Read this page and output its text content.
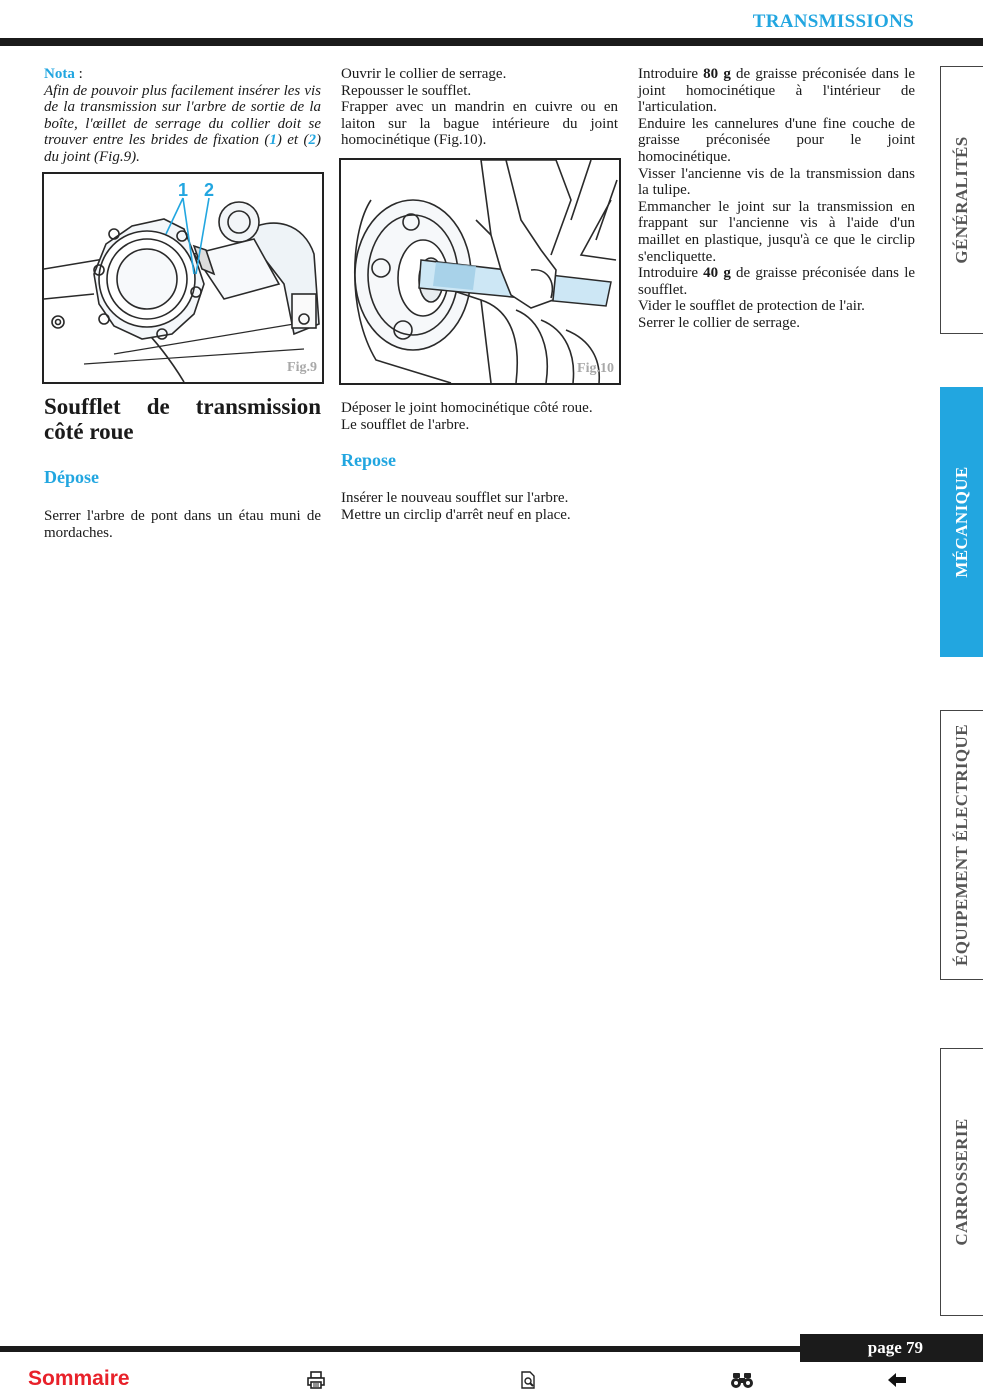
TRANSMISSIONS

Nota :
Afin de pouvoir plus facilement insérer les vis de la transmission sur l'arbre de sortie de la boîte, l'œillet de serrage du collier doit se trouver entre les brides de fixation (1) et (2) du joint (Fig.9).

1 2
Fig.9
Soufflet de transmission côté roue
Dépose
Serrer l'arbre de pont dans un étau muni de mordaches.

Ouvrir le collier de serrage.

Repousser le soufflet.

Frapper avec un mandrin en cuivre ou en laiton sur la bague intérieure du joint homocinétique (Fig.10).

Fig.10
Déposer le joint homocinétique côté roue.
Le soufflet de l'arbre.
Repose
Insérer le nouveau soufflet sur l'arbre.
Mettre un circlip d'arrêt neuf en place.

Introduire 80 g de graisse préconisée dans le joint homocinétique à l'intérieur de l'articulation.

Enduire les cannelures d'une fine couche de graisse préconisée pour le joint homocinétique.

Visser l'ancienne vis de la transmission dans la tulipe.

Emmancher le joint sur la transmission en frappant sur l'ancienne vis à l'aide d'un maillet en plastique, jusqu'à ce que le circlip s'encliquette.

Introduire 40 g de graisse préconisée dans le soufflet.

Vider le soufflet de protection de l'air.

Serrer le collier de serrage.

GÉNÉRALITÉS
MÉCANIQUE
ÉQUIPEMENT ÉLECTRIQUE
CARROSSERIE
page 79
Sommaire
